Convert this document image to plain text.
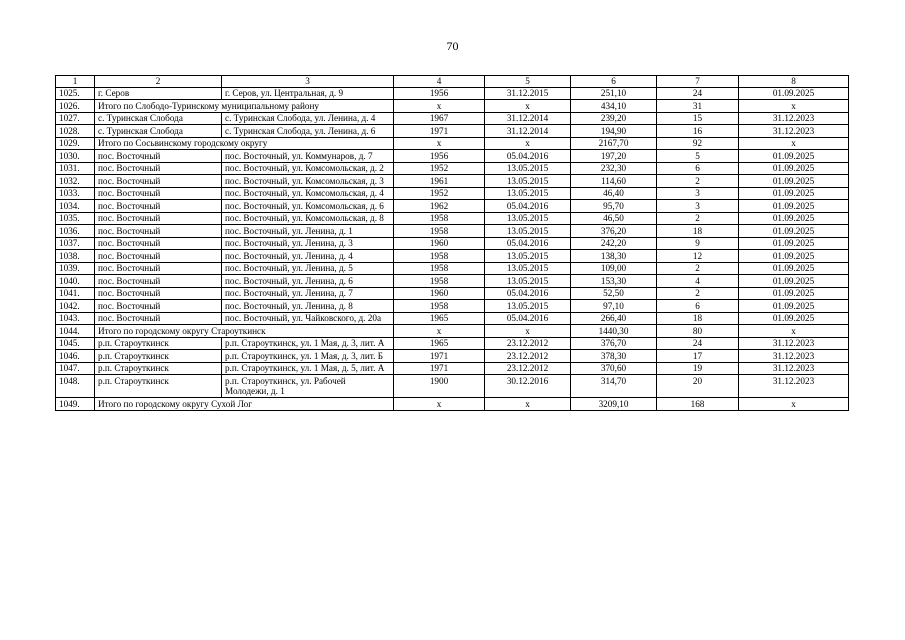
70
1	2	3	4	5	6	7	8
1025.	г. Серов	г. Серов, ул. Центральная, д. 9	1956	31.12.2015	251,10	24	01.09.2025
1026.	Итого по Слободо-Туринскому муниципальному району		x	x	434,10	31	x
1027.	с. Туринская Слобода	с. Туринская Слобода, ул. Ленина, д. 4	1967	31.12.2014	239,20	15	31.12.2023
1028.	с. Туринская Слобода	с. Туринская Слобода, ул. Ленина, д. 6	1971	31.12.2014	194,90	16	31.12.2023
1029.	Итого по Сосьвинскому городскому округу		x	x	2167,70	92	x
1030.	пос. Восточный	пос. Восточный, ул. Коммунаров, д. 7	1956	05.04.2016	197,20	5	01.09.2025
1031.	пос. Восточный	пос. Восточный, ул. Комсомольская, д. 2	1952	13.05.2015	232,30	6	01.09.2025
1032.	пос. Восточный	пос. Восточный, ул. Комсомольская, д. 3	1961	13.05.2015	114,60	2	01.09.2025
1033.	пос. Восточный	пос. Восточный, ул. Комсомольская, д. 4	1952	13.05.2015	46,40	3	01.09.2025
1034.	пос. Восточный	пос. Восточный, ул. Комсомольская, д. 6	1962	05.04.2016	95,70	3	01.09.2025
1035.	пос. Восточный	пос. Восточный, ул. Комсомольская, д. 8	1958	13.05.2015	46,50	2	01.09.2025
1036.	пос. Восточный	пос. Восточный, ул. Ленина, д. 1	1958	13.05.2015	376,20	18	01.09.2025
1037.	пос. Восточный	пос. Восточный, ул. Ленина, д. 3	1960	05.04.2016	242,20	9	01.09.2025
1038.	пос. Восточный	пос. Восточный, ул. Ленина, д. 4	1958	13.05.2015	138,30	12	01.09.2025
1039.	пос. Восточный	пос. Восточный, ул. Ленина, д. 5	1958	13.05.2015	109,00	2	01.09.2025
1040.	пос. Восточный	пос. Восточный, ул. Ленина, д. 6	1958	13.05.2015	153,30	4	01.09.2025
1041.	пос. Восточный	пос. Восточный, ул. Ленина, д. 7	1960	05.04.2016	52,50	2	01.09.2025
1042.	пос. Восточный	пос. Восточный, ул. Ленина, д. 8	1958	13.05.2015	97,10	6	01.09.2025
1043.	пос. Восточный	пос. Восточный, ул. Чайковского, д. 20а	1965	05.04.2016	266,40	18	01.09.2025
1044.	Итого по городскому округу Староуткинск		x	x	1440,30	80	x
1045.	р.п. Староуткинск	р.п. Староуткинск, ул. 1 Мая, д. 3, лит. А	1965	23.12.2012	376,70	24	31.12.2023
1046.	р.п. Староуткинск	р.п. Староуткинск, ул. 1 Мая, д. 3, лит. Б	1971	23.12.2012	378,30	17	31.12.2023
1047.	р.п. Староуткинск	р.п. Староуткинск, ул. 1 Мая, д. 5, лит. А	1971	23.12.2012	370,60	19	31.12.2023
1048.	р.п. Староуткинск	р.п. Староуткинск, ул. Рабочей Молодежи, д. 1	1900	30.12.2016	314,70	20	31.12.2023
1049.	Итого по городскому округу Сухой Лог		x	x	3209,10	168	x
